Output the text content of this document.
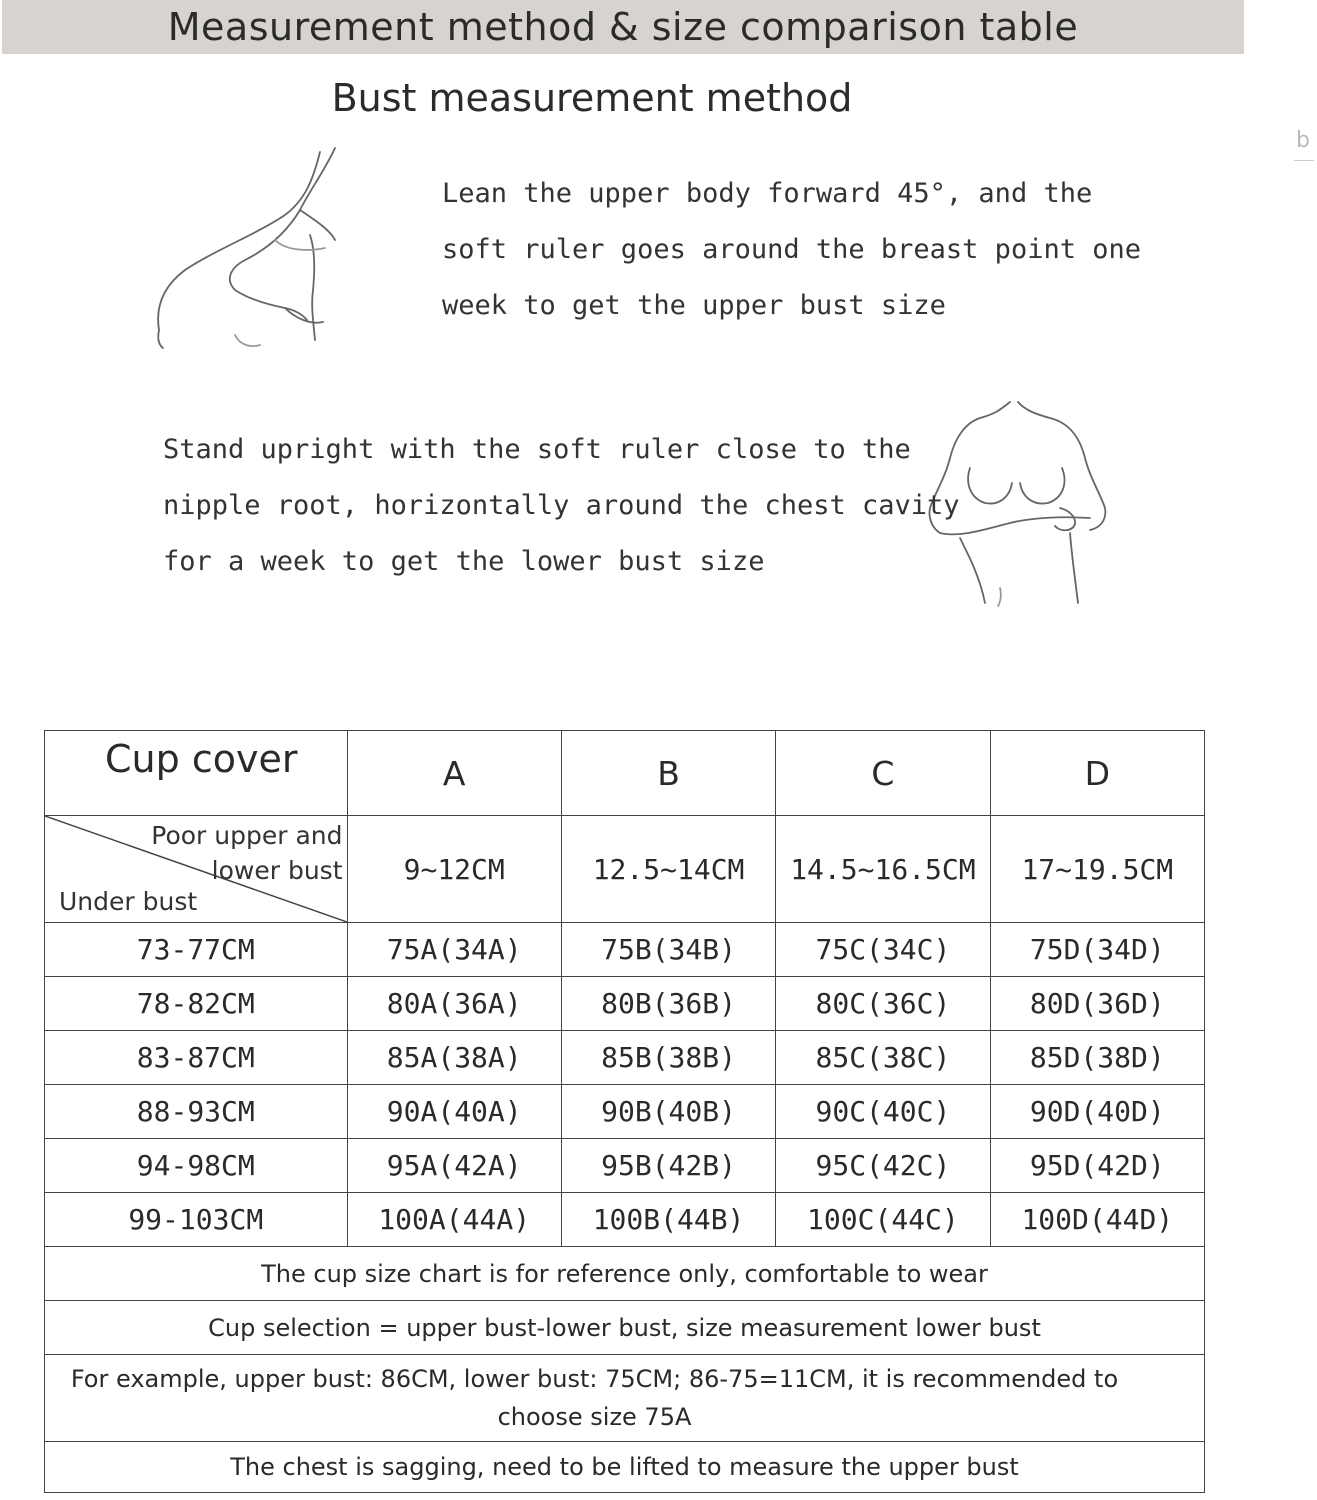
Measurement method & size comparison table
Bust measurement method
Lean the upper body forward 45°, and the
soft ruler goes around the breast point one
week to get the upper bust size
Stand upright with the soft ruler close to the
nipple root, horizontally around the chest cavity
for a week to get the lower bust size
b
Cup cover	A	B	C	D

Poor upper and
lower bust
Under bust	9~12CM	12.5~14CM	14.5~16.5CM	17~19.5CM
73-77CM	75A(34A)	75B(34B)	75C(34C)	75D(34D)
78-82CM	80A(36A)	80B(36B)	80C(36C)	80D(36D)
83-87CM	85A(38A)	85B(38B)	85C(38C)	85D(38D)
88-93CM	90A(40A)	90B(40B)	90C(40C)	90D(40D)
94-98CM	95A(42A)	95B(42B)	95C(42C)	95D(42D)
99-103CM	100A(44A)	100B(44B)	100C(44C)	100D(44D)
The cup size chart is for reference only, comfortable to wear				
Cup selection = upper bust-lower bust, size measurement lower bust				
For example, upper bust: 86CM, lower bust: 75CM; 86-75=11CM, it is recommended to choose size 75A				
The chest is sagging, need to be lifted to measure the upper bust				
